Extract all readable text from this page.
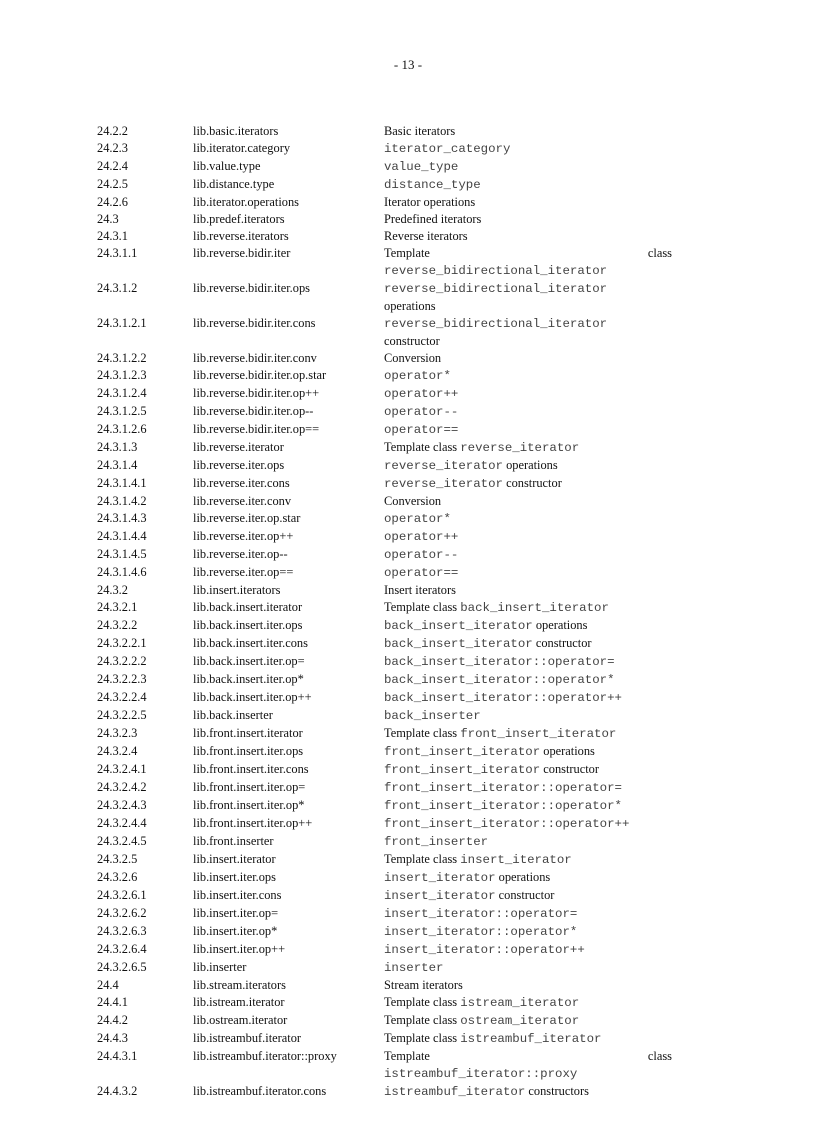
- 13 -
24.2.2	lib.basic.iterators	Basic iterators
24.2.3	lib.iterator.category	iterator_category
24.2.4	lib.value.type	value_type
24.2.5	lib.distance.type	distance_type
24.2.6	lib.iterator.operations	Iterator operations
24.3	lib.predef.iterators	Predefined iterators
24.3.1	lib.reverse.iterators	Reverse iterators
24.3.1.1	lib.reverse.bidir.iter	Template	class
reverse_bidirectional_iterator
24.3.1.2	lib.reverse.bidir.iter.ops	reverse_bidirectional_iterator
operations
24.3.1.2.1	lib.reverse.bidir.iter.cons	reverse_bidirectional_iterator
constructor
24.3.1.2.2	lib.reverse.bidir.iter.conv	Conversion
24.3.1.2.3	lib.reverse.bidir.iter.op.star	operator*
24.3.1.2.4	lib.reverse.bidir.iter.op++	operator++
24.3.1.2.5	lib.reverse.bidir.iter.op--	operator--
24.3.1.2.6	lib.reverse.bidir.iter.op==	operator==
24.3.1.3	lib.reverse.iterator	Template class reverse_iterator
24.3.1.4	lib.reverse.iter.ops	reverse_iterator operations
24.3.1.4.1	lib.reverse.iter.cons	reverse_iterator constructor
24.3.1.4.2	lib.reverse.iter.conv	Conversion
24.3.1.4.3	lib.reverse.iter.op.star	operator*
24.3.1.4.4	lib.reverse.iter.op++	operator++
24.3.1.4.5	lib.reverse.iter.op--	operator--
24.3.1.4.6	lib.reverse.iter.op==	operator==
24.3.2	lib.insert.iterators	Insert iterators
24.3.2.1	lib.back.insert.iterator	Template class back_insert_iterator
24.3.2.2	lib.back.insert.iter.ops	back_insert_iterator operations
24.3.2.2.1	lib.back.insert.iter.cons	back_insert_iterator constructor
24.3.2.2.2	lib.back.insert.iter.op=	back_insert_iterator::operator=
24.3.2.2.3	lib.back.insert.iter.op*	back_insert_iterator::operator*
24.3.2.2.4	lib.back.insert.iter.op++	back_insert_iterator::operator++
24.3.2.2.5	lib.back.inserter	back_inserter
24.3.2.3	lib.front.insert.iterator	Template class front_insert_iterator
24.3.2.4	lib.front.insert.iter.ops	front_insert_iterator operations
24.3.2.4.1	lib.front.insert.iter.cons	front_insert_iterator constructor
24.3.2.4.2	lib.front.insert.iter.op=	front_insert_iterator::operator=
24.3.2.4.3	lib.front.insert.iter.op*	front_insert_iterator::operator*
24.3.2.4.4	lib.front.insert.iter.op++	front_insert_iterator::operator++
24.3.2.4.5	lib.front.inserter	front_inserter
24.3.2.5	lib.insert.iterator	Template class insert_iterator
24.3.2.6	lib.insert.iter.ops	insert_iterator operations
24.3.2.6.1	lib.insert.iter.cons	insert_iterator constructor
24.3.2.6.2	lib.insert.iter.op=	insert_iterator::operator=
24.3.2.6.3	lib.insert.iter.op*	insert_iterator::operator*
24.3.2.6.4	lib.insert.iter.op++	insert_iterator::operator++
24.3.2.6.5	lib.inserter	inserter
24.4	lib.stream.iterators	Stream iterators
24.4.1	lib.istream.iterator	Template class istream_iterator
24.4.2	lib.ostream.iterator	Template class ostream_iterator
24.4.3	lib.istreambuf.iterator	Template class istreambuf_iterator
24.4.3.1	lib.istreambuf.iterator::proxy	Template	class
istreambuf_iterator::proxy
24.4.3.2	lib.istreambuf.iterator.cons	istreambuf_iterator constructors
